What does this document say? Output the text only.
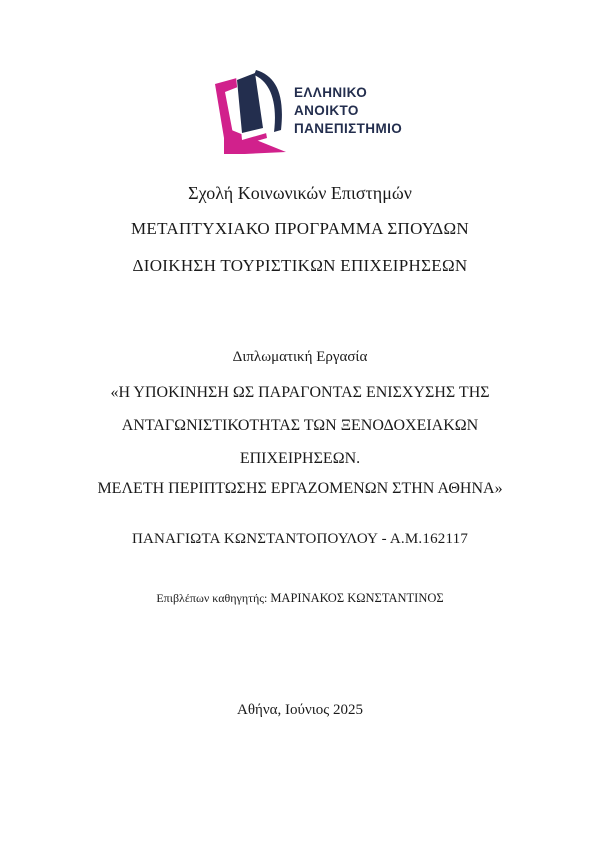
ΕΛΛΗΝΙΚΟ
ΑΝΟΙΚΤΟ
ΠΑΝΕΠΙΣΤΗΜΙΟ
Σχολή Κοινωνικών Επιστημών
ΜΕΤΑΠΤΥΧΙΑΚΟ ΠΡΟΓΡΑΜΜΑ ΣΠΟΥΔΩΝ
ΔΙΟΙΚΗΣΗ ΤΟΥΡΙΣΤΙΚΩΝ ΕΠΙΧΕΙΡΗΣΕΩΝ
Διπλωματική Εργασία
«Η ΥΠΟΚΙΝΗΣΗ ΩΣ ΠΑΡΑΓΟΝΤΑΣ ΕΝΙΣΧΥΣΗΣ ΤΗΣ
ΑΝΤΑΓΩΝΙΣΤΙΚΟΤΗΤΑΣ ΤΩΝ ΞΕΝΟΔΟΧΕΙΑΚΩΝ
ΕΠΙΧΕΙΡΗΣΕΩΝ.
ΜΕΛΕΤΗ ΠΕΡΙΠΤΩΣΗΣ ΕΡΓΑΖΟΜΕΝΩΝ ΣΤΗΝ ΑΘΗΝΑ»
ΠΑΝΑΓΙΩΤΑ ΚΩΝΣΤΑΝΤΟΠΟΥΛΟΥ - Α.Μ.162117
Επιβλέπων καθηγητής: ΜΑΡΙΝΑΚΟΣ ΚΩΝΣΤΑΝΤΙΝΟΣ
Αθήνα, Ιούνιος 2025
